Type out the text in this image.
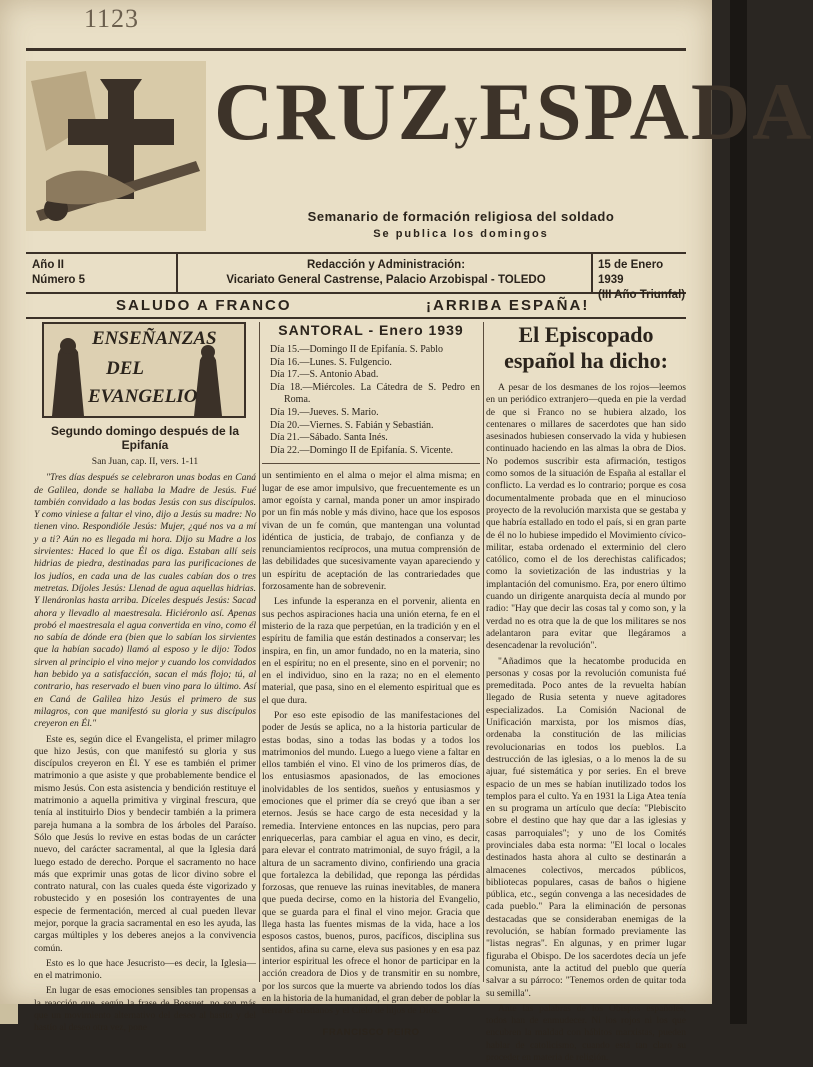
1123
CRUZyESPADA
Semanario de formación religiosa del soldado
Se publica los domingos
Año II
Número 5
Redacción y Administración:
Vicariato General Castrense, Palacio Arzobispal - TOLEDO
15 de Enero 1939
(III Año Triunfal)
SALUDO A FRANCO	¡ARRIBA ESPAÑA!
ENSEÑANZAS
DEL
EVANGELIO
Segundo domingo después de la Epifanía
San Juan, cap. II, vers. 1-11

"Tres días después se celebraron unas bodas en Caná de Galilea, donde se hallaba la Madre de Jesús. Fué también convidado a las bodas Jesús con sus discípulos. Y como viniese a faltar el vino, dijo a Jesús su madre: No tienen vino. Respondióle Jesús: Mujer, ¿qué nos va a mí y a ti? Aún no es llegada mi hora. Dijo su Madre a los sirvientes: Haced lo que Él os diga. Estaban allí seis hidrias de piedra, destinadas para las purificaciones de los judíos, en cada una de las cuales cabían dos o tres metretas. Díjoles Jesús: Llenad de agua aquellas hidrias. Y llenáronlas hasta arriba. Díceles después Jesús: Sacad ahora y llevadlo al maestresala. Hiciéronlo así. Apenas probó el maestresala el agua convertida en vino, como él no sabía de dónde era (bien que lo sabían los sirvientes que la habían sacado) llamó al esposo y le dijo: Todos sirven al principio el vino mejor y cuando los convidados han bebido ya a satisfacción, sacan el más flojo; tú, al contrario, has reservado el buen vino para lo último. Así en Caná de Galilea hizo Jesús el primero de sus milagros, con que manifestó su gloria y sus discípulos creyeron en Él."

Este es, según dice el Evangelista, el primer milagro que hizo Jesús, con que manifestó su gloria y sus discípulos creyeron en Él. Y ese es también el primer matrimonio a que asiste y que probablemente bendice el mismo Jesús. Con esta asistencia y bendición restituye el matrimonio a aquella primitiva y virginal frescura, que tenía al instituirlo Dios y bendecir también a la primera pareja humana a la sombra de los árboles del Paraíso. Sólo que Jesús lo revive en estas bodas de un carácter nuevo, del carácter sacramental, al que la Iglesia dará luego estado de derecho. Porque el sacramento no hace más que exprimir unas gotas de licor divino sobre el contrato natural, con las cuales queda éste vigorizado y robustecido y en posesión los contrayentes de una especie de fermentación, merced al cual pueden llevar mejor, porque la gracia sacramental en eso les ayuda, las cargas múltiples y los deberes anejos a la convivencia común.

Esto es lo que hace Jesucristo—es decir, la Iglesia—en el matrimonio.

En lugar de esas emociones sensibles tan propensas a la reacción que, según la frase de Bossuet, no son más que un movimiento alternativo del deseo al hastío y del hastío al deseo otra vez, pone

SANTORAL - Enero 1939
Día 15.—Domingo II de Epifanía. S. Pablo
Día 16.—Lunes. S. Fulgencio.
Día 17.—S. Antonio Abad.
Día 18.—Miércoles. La Cátedra de S. Pedro en Roma.
Día 19.—Jueves. S. Mario.
Día 20.—Viernes. S. Fabián y Sebastián.
Día 21.—Sábado. Santa Inés.
Día 22.—Domingo II de Epifanía. S. Vicente.

un sentimiento en el alma o mejor el alma misma; en lugar de ese amor impulsivo, que frecuentemente es un amor egoísta y carnal, manda poner un amor inspirado por un fin más noble y más divino, hace que los esposos vivan de un fe común, que mantengan una voluntad idéntica de justicia, de trabajo, de confianza y de renunciamientos recíprocos, una mutua comprensión de las debilidades que sucesivamente vayan apareciendo y un espíritu de aceptación de las contrariedades que forzosamente han de sobrevenir.

Les infunde la esperanza en el porvenir, alienta en sus pechos aspiraciones hacia una unión eterna, fe en el misterio de la raza que perpetúan, en la tradición y en el espíritu de familia que están destinados a conservar; les inspira, en fin, un amor fundado, no en la materia, sino en el espíritu; no en el presente, sino en el porvenir; no en el individuo, sino en la raza; no en el elemento material, que pasa, sino en el elemento espiritual que es el que dura.

Por eso este episodio de las manifestaciones del poder de Jesús se aplica, no a la historia particular de estas bodas, sino a todas las bodas y a todos los matrimonios del mundo. Luego a luego viene a faltar en ellos también el vino. El vino de los primeros días, de los entusiasmos apasionados, de las emociones inolvidables de los sentidos, sueños y entusiasmos y emociones que el primer día se creyó que iban a ser eternos. Jesús se hace cargo de esta necesidad y la remedia. Interviene entonces en las nupcias, pero para enriquecerlas, para cambiar el agua en vino, es decir, para elevar el contrato matrimonial, de suyo frágil, a la altura de un sacramento divino, confiriendo una gracia que fortalezca la debilidad, que reponga las pérdidas forzosas, que renueve las ruinas inevitables, de manera que pueda decirse, como en la historia del Evangelio, que se guarda para el final el vino mejor. Gracia que llega hasta las fuentes mismas de la vida, hace a los esposos castos, buenos, puros, pacíficos, disciplina sus sentidos, afina su carne, eleva sus pasiones y en esa paz interior espiritual les ofrece el honor de participar en la acción creadora de Dios y de transmitir en su nombre, por los surcos que la muerte va abriendo todos los días en la historia de la humanidad, el gran deber de poblar la tierra de cristianos y el Cielo de hijos de Dios.

FRANCISCO PEIRO
El Episcopado español ha dicho:

A pesar de los desmanes de los rojos—leemos en un periódico extranjero—queda en pie la verdad de que si Franco no se hubiera alzado, los centenares o millares de sacerdotes que han sido asesinados hubiesen conservado la vida y hubiesen continuado haciendo en las almas la obra de Dios. No podemos suscribir esta afirmación, testigos como somos de la situación de España al estallar el conflicto. La verdad es lo contrario; porque es cosa documentalmente probada que en el minucioso proyecto de la revolución marxista que se gestaba y que habría estallado en todo el país, si en gran parte de él no lo hubiese impedido el Movimiento cívico-militar, estaba ordenado el exterminio del clero católico, como el de los derechistas calificados; como la sovietización de las industrias y la implantación del comunismo. Era, por enero último cuando un dirigente anarquista decía al mundo por radio: "Hay que decir las cosas tal y como son, y la verdad no es otra que la de que los militares se nos adelantaron para evitar que llegáramos a desencadenar la revolución".

"Añadimos que la hecatombe producida en personas y cosas por la revolución comunista fué premeditada. Poco antes de la revuelta habían llegado de Rusia setenta y nueve agitadores especializados. La Comisión Nacional de Unificación marxista, por los mismos días, ordenaba la constitución de las milicias revolucionarias en todos los pueblos. La destrucción de las iglesias, o a lo menos la de su ajuar, fué sistemática y por series. En el breve espacio de un mes se habían inutilizado todos los templos para el culto. Ya en 1931 la Liga Atea tenía en su programa un artículo que decía: "Plebiscito sobre el destino que hay que dar a las iglesias y casas parroquiales"; y uno de los Comités provinciales daba esta norma: "El local o locales destinados hasta ahora al culto se destinarán a almacenes colectivos, mercados públicos, bibliotecas populares, casas de baños o higiene pública, etc., según convenga a las necesidades de cada pueblo." Para la eliminación de personas destacadas que se consideraban enemigas de la revolución, se habían formado previamente las "listas negras". En algunas, y en primer lugar figuraba el Obispo. De los sacerdotes decía un jefe comunista, ante la actitud del pueblo que quería salvar a su párroco: "Tenemos orden de quitar toda su semilla".

Ante las palabras de los Obispos españoles, todos han de enmudecer. Ni los rojos ni los que encubren la maldad con hábitos marxistas, pueden hablar de catolicismo, cuando está tan claro su proceder en materia de religión.
